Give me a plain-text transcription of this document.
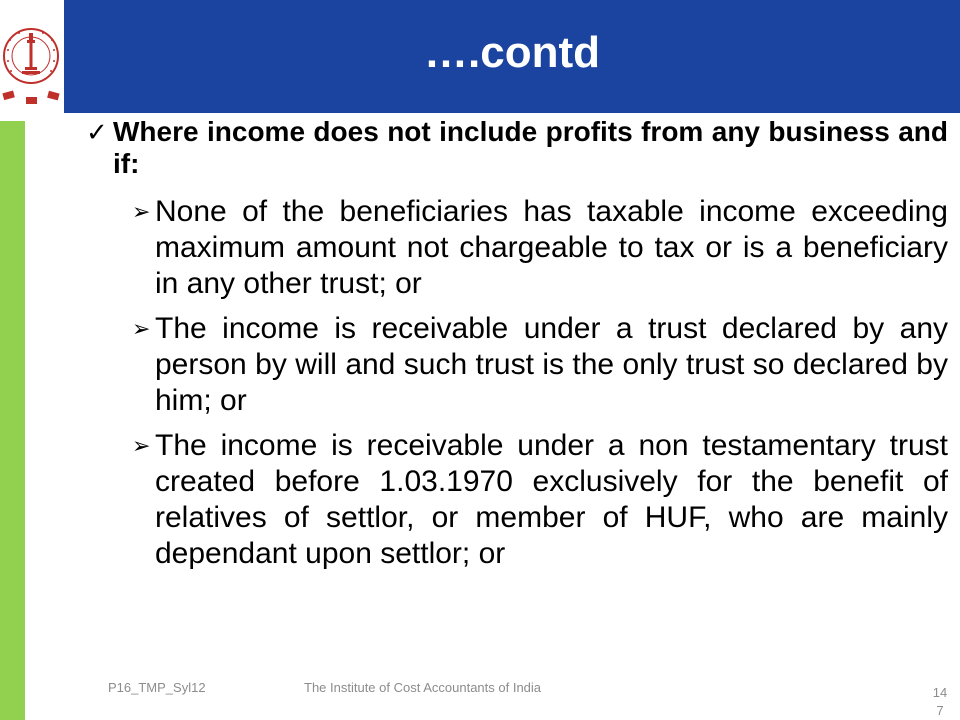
….contd
✓ Where income does not include profits from any business and if:
➢ None of the beneficiaries has taxable income exceeding maximum amount not chargeable to tax or is a beneficiary in any other trust; or
➢ The income is receivable under a trust declared by any person by will and such trust is the only trust so declared by him; or
➢ The income is receivable under a non testamentary trust created before 1.03.1970 exclusively for the benefit of relatives of settlor, or member of HUF, who are mainly dependant upon settlor; or
P16_TMP_Syl12	The Institute of Cost Accountants of India	147
